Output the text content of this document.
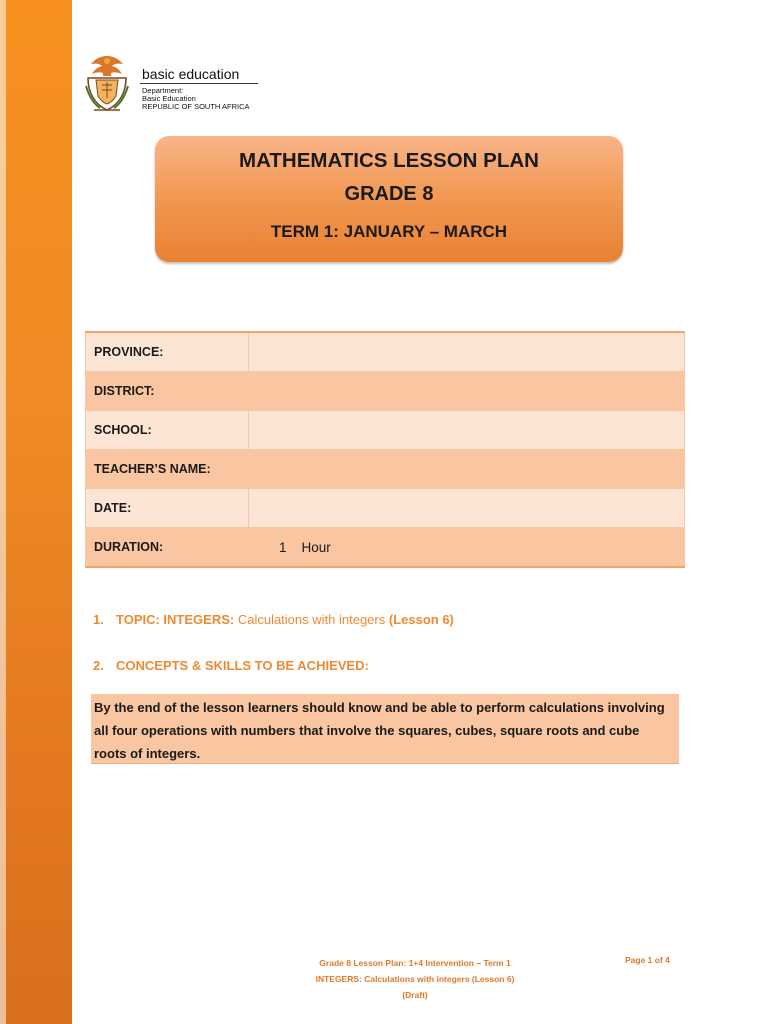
basic education
Department:
Basic Education
REPUBLIC OF SOUTH AFRICA
MATHEMATICS LESSON PLAN
GRADE 8
TERM 1: JANUARY – MARCH
PROVINCE:	
DISTRICT:	
SCHOOL:	
TEACHER’S NAME:	
DATE:	
DURATION:	1    Hour
1. TOPIC: INTEGERS: Calculations with integers (Lesson 6)
2. CONCEPTS & SKILLS TO BE ACHIEVED:
By the end of the lesson learners should know and be able to perform calculations involving all four operations with numbers that involve the squares, cubes, square roots and cube roots of integers.
Grade 8 Lesson Plan: 1+4 Intervention – Term 1
INTEGERS: Calculations with integers (Lesson 6)
(Draft)
Page 1 of 4
